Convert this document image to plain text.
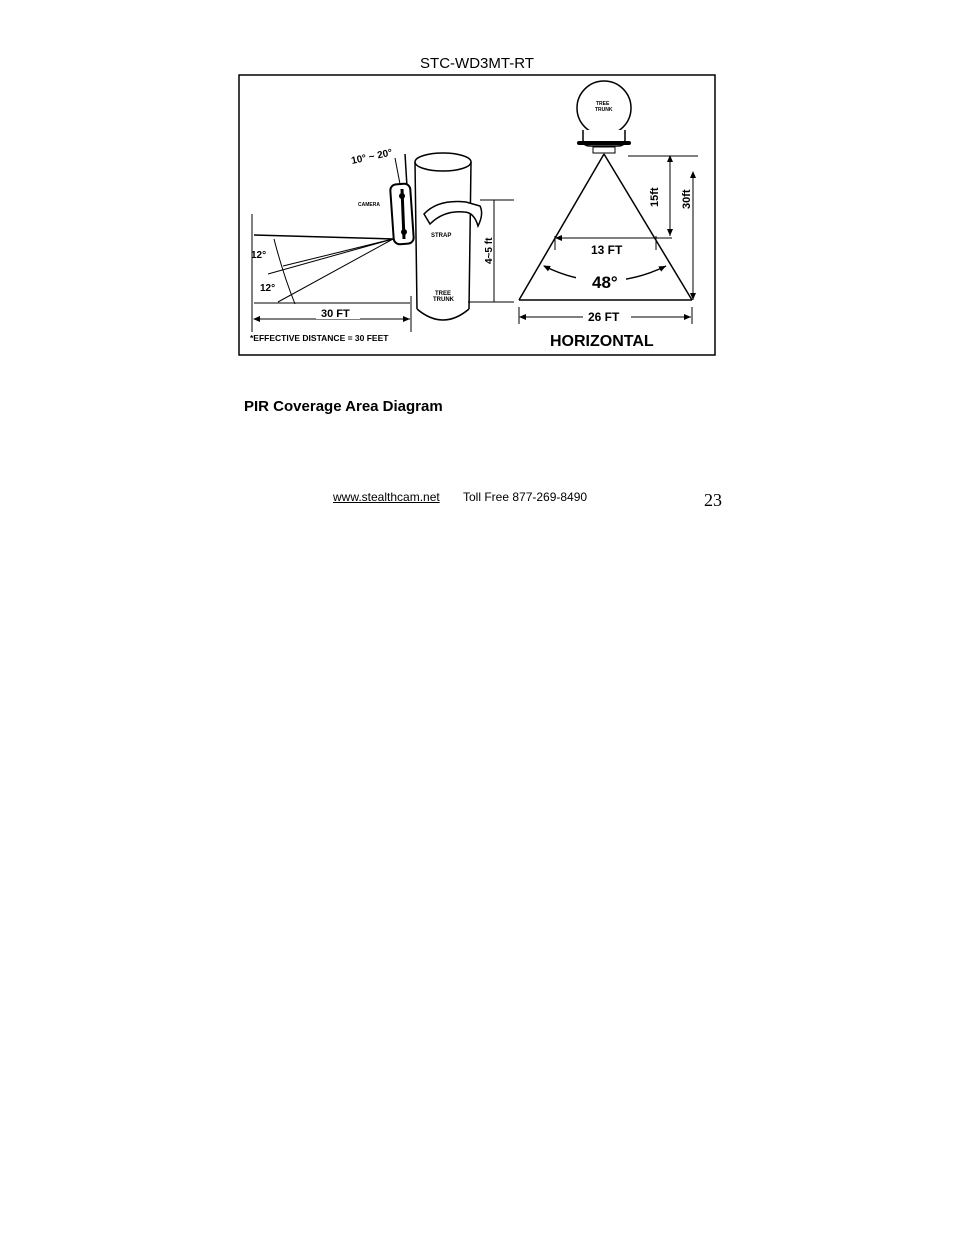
STC-WD3MT-RT
STRAP
TREE
TRUNK
4~5 ft
10° ~ 20°
CAMERA
12°
12°
30 FT
*EFFECTIVE DISTANCE = 30 FEET
TREE
TRUNK
13 FT
48°
26 FT
15ft 30ft
HORIZONTAL
PIR Coverage Area Diagram
www.stealthcam.net Toll Free 877-269-8490	23
